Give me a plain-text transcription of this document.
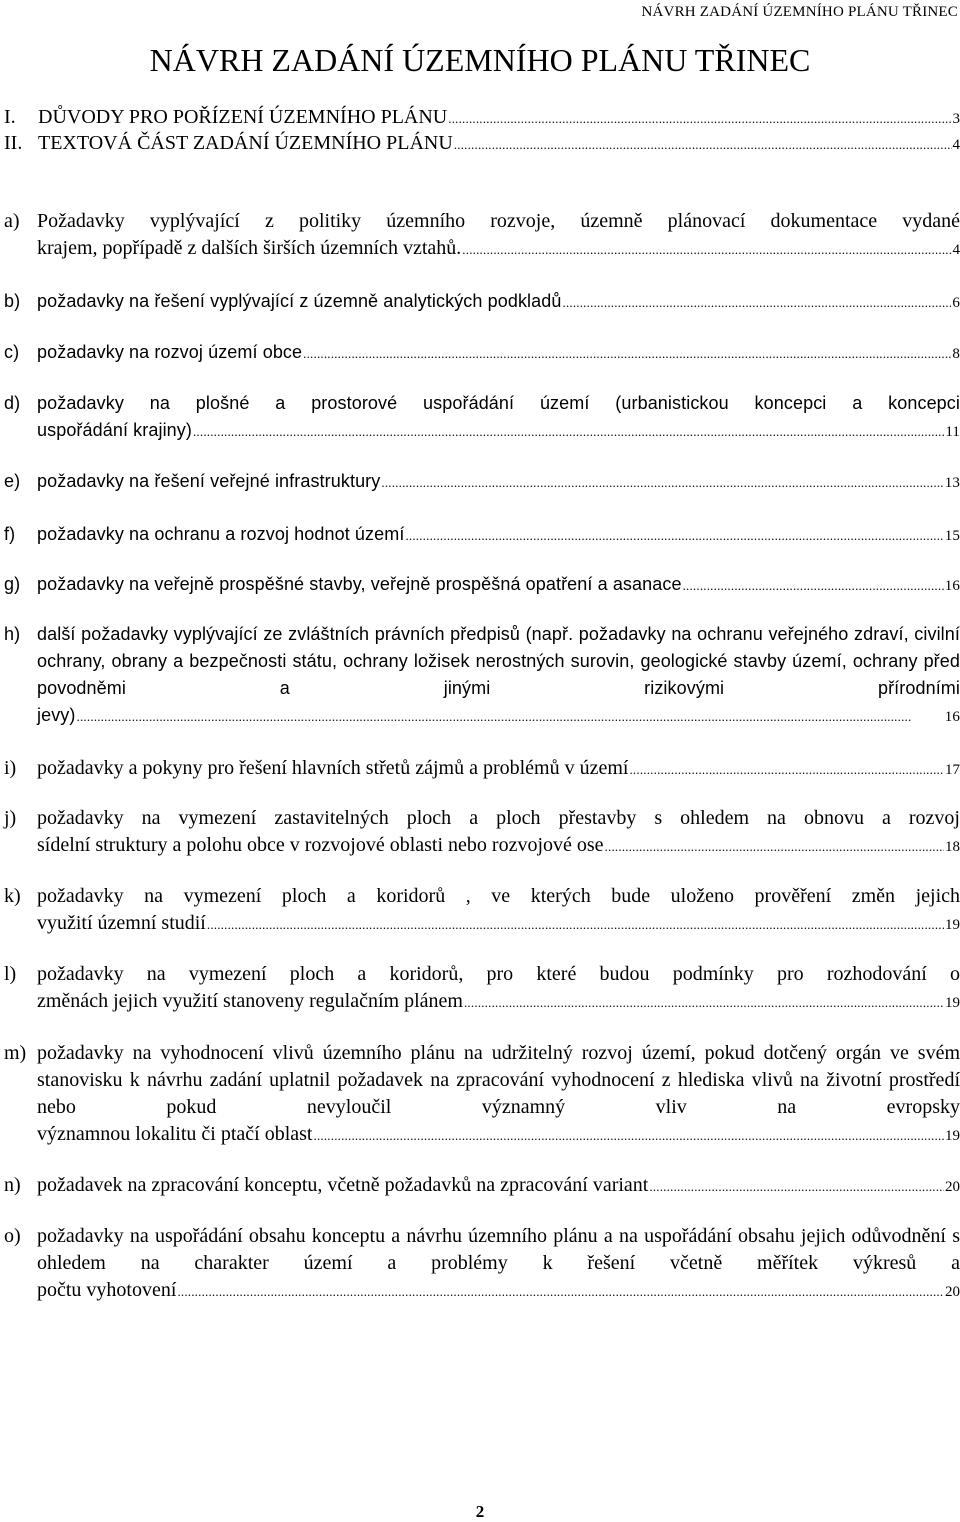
NÁVRH ZADÁNÍ ÚZEMNÍHO PLÁNU TŘINEC
NÁVRH ZADÁNÍ ÚZEMNÍHO PLÁNU TŘINEC
I. DŮVODY PRO POŘÍZENÍ ÚZEMNÍHO PLÁNU .....	3
II. TEXTOVÁ ČÁST ZADÁNÍ ÚZEMNÍHO PLÁNU .....	4
a) Požadavky vyplývající z politiky územního rozvoje, územně plánovací dokumentace vydané
krajem, popřípadě z dalších širších územních vztahů. .....	4
b) požadavky na řešení vyplývající z územně analytických podkladů .....	6
c) požadavky na rozvoj území obce .....	8
d) požadavky na plošné a prostorové uspořádání území (urbanistickou koncepci a koncepci
uspořádání krajiny) .....	11
e) požadavky na řešení veřejné infrastruktury .....	13
f) požadavky na ochranu a rozvoj hodnot území .....	15
g) požadavky na veřejně prospěšné stavby, veřejně prospěšná opatření a asanace .....	16
h) další požadavky vyplývající ze zvláštních právních předpisů (např. požadavky na ochranu veřejného zdraví, civilní ochrany, obrany a bezpečnosti státu, ochrany ložisek nerostných surovin, geologické stavby území, ochrany před povodněmi a jinými rizikovými přírodními
jevy) .....	16
i) požadavky a pokyny pro řešení hlavních střetů zájmů a problémů v území .....	17
j) požadavky na vymezení zastavitelných ploch a ploch přestavby s ohledem na obnovu a rozvoj
sídelní struktury a polohu obce v rozvojové oblasti nebo rozvojové ose .....	18
k) požadavky na vymezení ploch a koridorů , ve kterých bude uloženo prověření změn jejich
využití územní studií .....	19
l) požadavky na vymezení ploch a koridorů, pro které budou podmínky pro rozhodování o
změnách jejich využití stanoveny regulačním plánem .....	19
m) požadavky na vyhodnocení vlivů územního plánu na udržitelný rozvoj území, pokud dotčený orgán ve svém stanovisku k návrhu zadání uplatnil požadavek na zpracování vyhodnocení z hlediska vlivů na životní prostředí nebo pokud nevyloučil významný vliv na evropsky
významnou lokalitu či ptačí oblast .....	19
n) požadavek na zpracování konceptu, včetně požadavků na zpracování variant .....	20
o) požadavky na uspořádání obsahu konceptu a návrhu územního plánu a na uspořádání obsahu jejich odůvodnění s ohledem na charakter území a problémy k řešení včetně měřítek výkresů a
počtu vyhotovení .....	20
2
